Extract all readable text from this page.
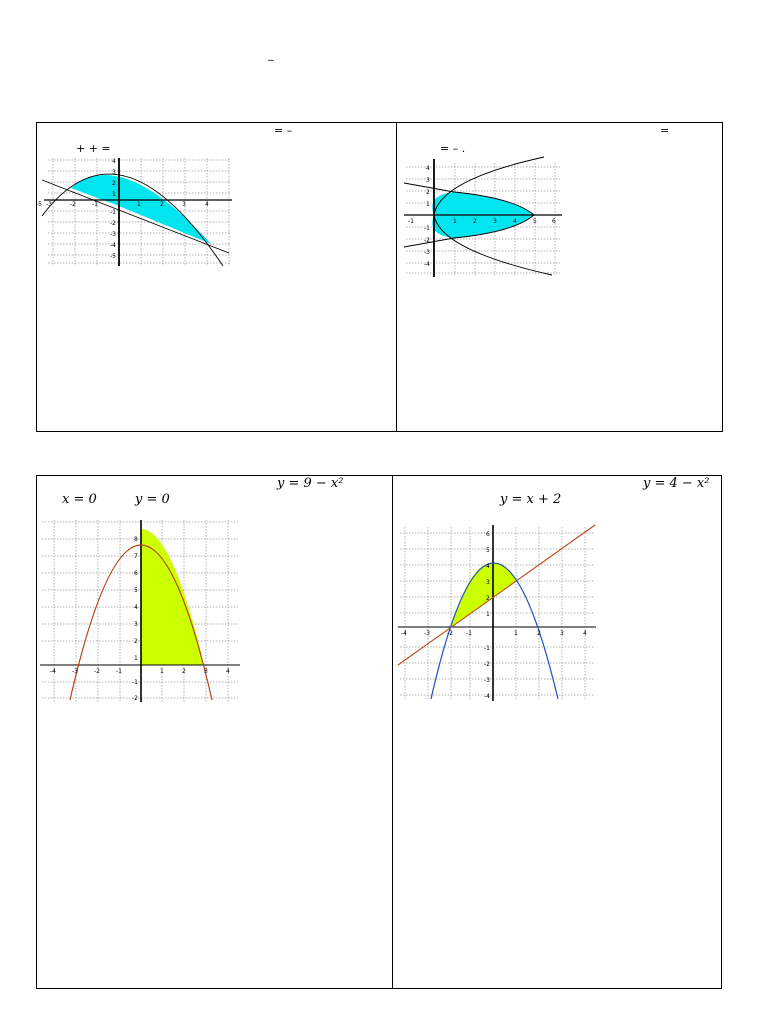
_
= –
+ + =
=
= – .
-5 -3	-2	-1	1	2	3	4
4
3
2
1
-1
-2
-3
-4
-5
-1	1	2	3	4	5	6
4
3
2
1
-1
-2
-3
-4
y = 9 − x²
x = 0	y = 0
y = 4 − x²
y = x + 2
-4	-3	-2	-1	1	2	3	4
8
7
6
5
4
3
2
1
-1
-2
-4	-3	-2 -1	1	2	3	4
6
5
4
3
2
1
-1
-2
-3
-4
